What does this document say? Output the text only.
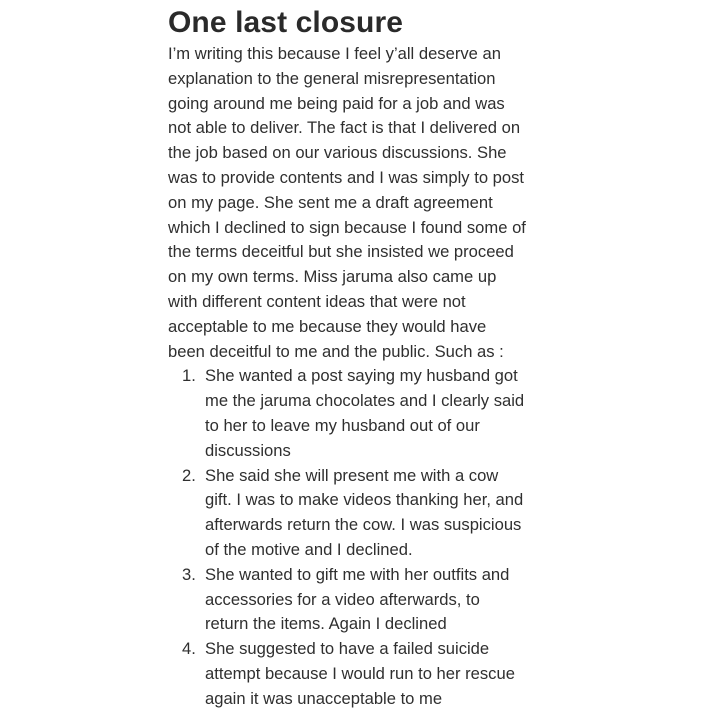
One last closure

I’m writing this because I feel y’all deserve an
explanation to the general misrepresentation
going around me being paid for a job and was
not able to deliver. The fact is that I delivered on
the job based on our various discussions. She
was to provide contents and I was simply to post
on my page. She sent me a draft agreement
which I declined to sign because I found some of
the terms deceitful but she insisted we proceed
on my own terms. Miss jaruma also came up
with different content ideas that were not
acceptable to me because they would have
been deceitful to me and the public. Such as :

1. She wanted a post saying my husband got
me the jaruma chocolates and I clearly said
to her to leave my husband out of our
discussions
2. She said she will present me with a cow
gift. I was to make videos thanking her, and
afterwards return the cow. I was suspicious
of the motive and I declined.
3. She wanted to gift me with her outfits and
accessories for a video afterwards, to
return the items. Again I declined
4. She suggested to have a failed suicide
attempt because I would run to her rescue
again it was unacceptable to me
